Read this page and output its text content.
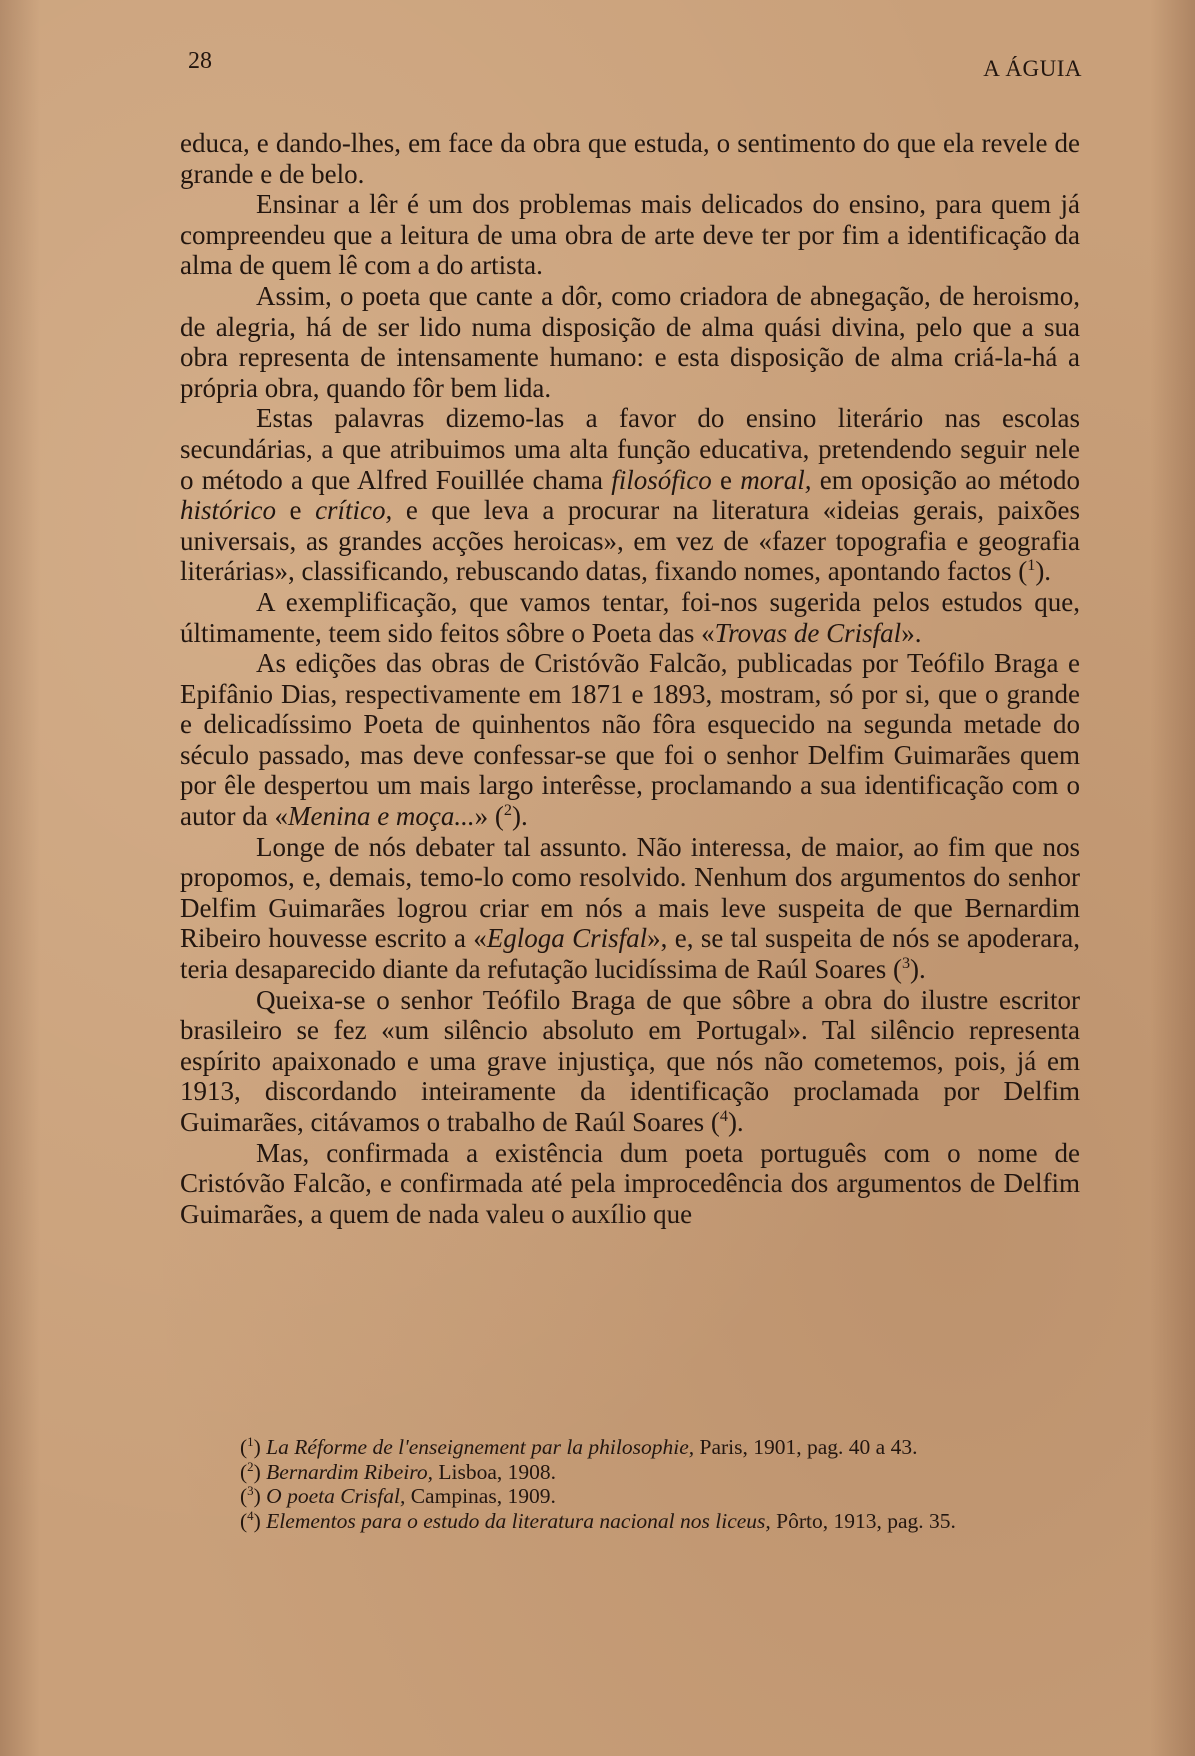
28	A ÁGUIA

educa, e dando-lhes, em face da obra que estuda, o sentimento do que ela revele de grande e de belo.

Ensinar a lêr é um dos problemas mais delicados do ensino, para quem já compreendeu que a leitura de uma obra de arte deve ter por fim a identificação da alma de quem lê com a do artista.

Assim, o poeta que cante a dôr, como criadora de abnegação, de heroismo, de alegria, há de ser lido numa disposição de alma quási divina, pelo que a sua obra representa de intensamente humano: e esta disposição de alma criá-la-há a própria obra, quando fôr bem lida.

Estas palavras dizemo-las a favor do ensino literário nas escolas secundárias, a que atribuimos uma alta função educativa, pretendendo seguir nele o método a que Alfred Fouillée chama filosófico e moral, em oposição ao método histórico e crítico, e que leva a procurar na literatura «ideias gerais, paixões universais, as grandes acções heroicas», em vez de «fazer topografia e geografia literárias», classificando, rebuscando datas, fixando nomes, apontando factos ($^1$).

A exemplificação, que vamos tentar, foi-nos sugerida pelos estudos que, últimamente, teem sido feitos sôbre o Poeta das «Trovas de Crisfal».

As edições das obras de Cristóvão Falcão, publicadas por Teófilo Braga e Epifânio Dias, respectivamente em 1871 e 1893, mostram, só por si, que o grande e delicadíssimo Poeta de quinhentos não fôra esquecido na segunda metade do século passado, mas deve confessar-se que foi o senhor Delfim Guimarães quem por êle despertou um mais largo interêsse, proclamando a sua identificação com o autor da «Menina e moça...» ($^2$).

Longe de nós debater tal assunto. Não interessa, de maior, ao fim que nos propomos, e, demais, temo-lo como resolvido. Nenhum dos argumentos do senhor Delfim Guimarães logrou criar em nós a mais leve suspeita de que Bernardim Ribeiro houvesse escrito a «Egloga Crisfal», e, se tal suspeita de nós se apoderara, teria desaparecido diante da refutação lucidíssima de Raúl Soares ($^3$).

Queixa-se o senhor Teófilo Braga de que sôbre a obra do ilustre escritor brasileiro se fez «um silêncio absoluto em Portugal». Tal silêncio representa espírito apaixonado e uma grave injustiça, que nós não cometemos, pois, já em 1913, discordando inteiramente da identificação proclamada por Delfim Guimarães, citávamos o trabalho de Raúl Soares ($^4$).

Mas, confirmada a existência dum poeta português com o nome de Cristóvão Falcão, e confirmada até pela improcedência dos argumentos de Delfim Guimarães, a quem de nada valeu o auxílio que

($^1$) La Réforme de l'enseignement par la philosophie, Paris, 1901, pag. 40 a 43.

($^2$) Bernardim Ribeiro, Lisboa, 1908.

($^3$) O poeta Crisfal, Campinas, 1909.

($^4$) Elementos para o estudo da literatura nacional nos liceus, Pôrto, 1913, pag. 35.
